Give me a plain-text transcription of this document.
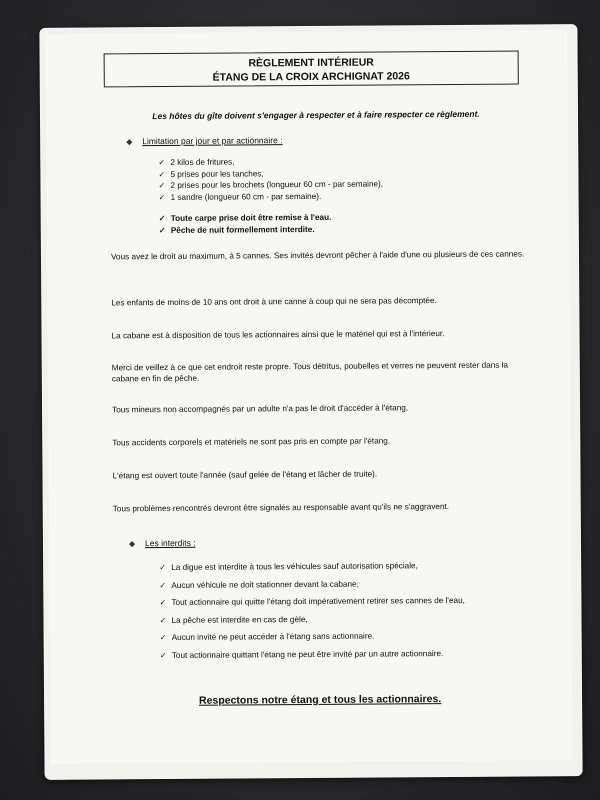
RÈGLEMENT INTÉRIEUR
ÉTANG DE LA CROIX ARCHIGNAT 2026
Les hôtes du gîte doivent s'engager à respecter et à faire respecter ce règlement.
◆ Limitation par jour et par actionnaire :
✓ 2 kilos de fritures,
✓ 5 prises pour les tanches,
✓ 2 prises pour les brochets (longueur 60 cm - par semaine),
✓ 1 sandre (longueur 60 cm - par semaine).
✓ Toute carpe prise doit être remise à l'eau.
✓ Pêche de nuit formellement interdite.
Vous avez le droit au maximum, à 5 cannes. Ses invités devront pêcher à l'aide d'une ou plusieurs de ces cannes.
Les enfants de moins de 10 ans ont droit à une canne à coup qui ne sera pas décomptée.
La cabane est à disposition de tous les actionnaires ainsi que le matériel qui est à l'intérieur.
Merci de veillez à ce que cet endroit reste propre. Tous détritus, poubelles et verres ne peuvent rester dans la cabane en fin de pêche.
Tous mineurs non accompagnés par un adulte n'a pas le droit d'accéder à l'étang,
Tous accidents corporels et matériels ne sont pas pris en compte par l'étang.
L'étang est ouvert toute l'année (sauf gelée de l'étang et lâcher de truite).
Tous problèmes rencontrés devront être signalés au responsable avant qu'ils ne s'aggravent.
◆ Les interdits :
✓ La digue est interdite à tous les véhicules sauf autorisation spéciale,
✓ Aucun véhicule ne doit stationner devant la cabane,
✓ Tout actionnaire qui quitte l'étang doit impérativement retirer ses cannes de l'eau,
✓ La pêche est interdite en cas de gèle,
✓ Aucun invité ne peut accéder à l'étang sans actionnaire.
✓ Tout actionnaire quittant l'étang ne peut être invité par un autre actionnaire.
Respectons notre étang et tous les actionnaires.
